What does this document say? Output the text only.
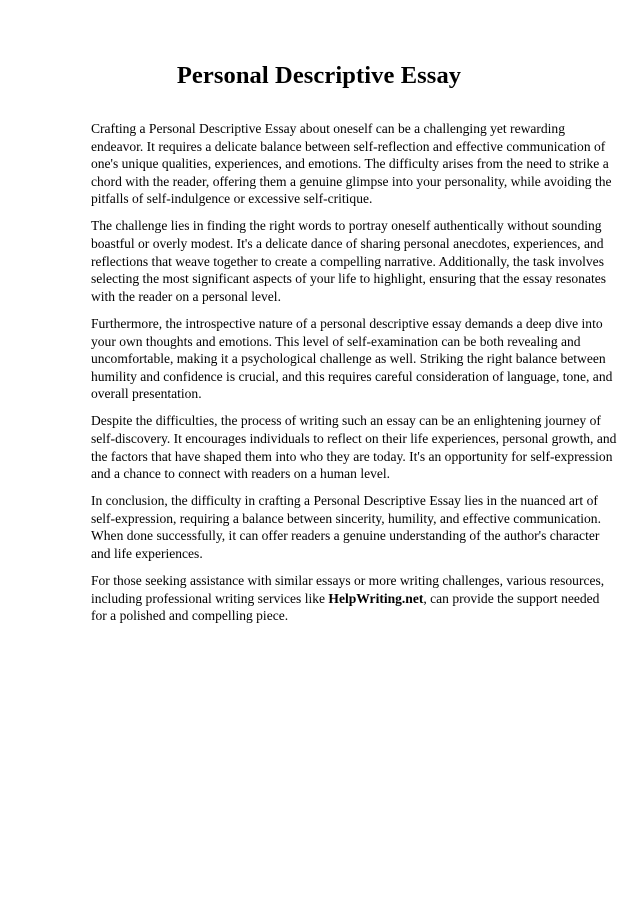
Personal Descriptive Essay

Crafting a Personal Descriptive Essay about oneself can be a challenging yet rewarding
endeavor. It requires a delicate balance between self-reflection and effective communication of
one's unique qualities, experiences, and emotions. The difficulty arises from the need to strike a
chord with the reader, offering them a genuine glimpse into your personality, while avoiding the
pitfalls of self-indulgence or excessive self-critique.

The challenge lies in finding the right words to portray oneself authentically without sounding
boastful or overly modest. It's a delicate dance of sharing personal anecdotes, experiences, and
reflections that weave together to create a compelling narrative. Additionally, the task involves
selecting the most significant aspects of your life to highlight, ensuring that the essay resonates
with the reader on a personal level.

Furthermore, the introspective nature of a personal descriptive essay demands a deep dive into
your own thoughts and emotions. This level of self-examination can be both revealing and
uncomfortable, making it a psychological challenge as well. Striking the right balance between
humility and confidence is crucial, and this requires careful consideration of language, tone, and
overall presentation.

Despite the difficulties, the process of writing such an essay can be an enlightening journey of
self-discovery. It encourages individuals to reflect on their life experiences, personal growth, and
the factors that have shaped them into who they are today. It's an opportunity for self-expression
and a chance to connect with readers on a human level.

In conclusion, the difficulty in crafting a Personal Descriptive Essay lies in the nuanced art of
self-expression, requiring a balance between sincerity, humility, and effective communication.
When done successfully, it can offer readers a genuine understanding of the author's character
and life experiences.

For those seeking assistance with similar essays or more writing challenges, various resources,
including professional writing services like HelpWriting.net, can provide the support needed
for a polished and compelling piece.
